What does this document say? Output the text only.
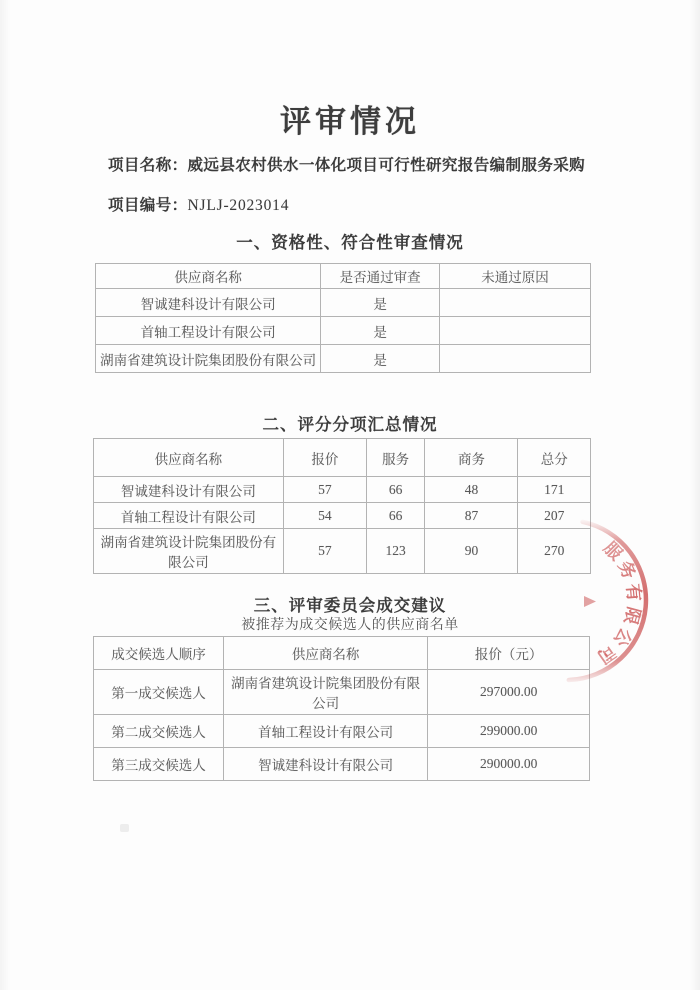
评审情况
项目名称：威远县农村供水一体化项目可行性研究报告编制服务采购
项目编号：NJLJ-2023014
一、资格性、符合性审查情况
供应商名称	是否通过审查	未通过原因
智诚建科设计有限公司	是	
首轴工程设计有限公司	是	
湖南省建筑设计院集团股份有限公司	是	
二、评分分项汇总情况
供应商名称	报价	服务	商务	总分
智诚建科设计有限公司	57	66	48	171
首轴工程设计有限公司	54	66	87	207
湖南省建筑设计院集团股份有限公司	57	123	90	270
三、评审委员会成交建议

被推荐为成交候选人的供应商名单

成交候选人顺序	供应商名称	报价（元）
第一成交候选人	湖南省建筑设计院集团股份有限公司	297000.00
第二成交候选人	首轴工程设计有限公司	299000.00
第三成交候选人	智诚建科设计有限公司	290000.00
服务有限公司
